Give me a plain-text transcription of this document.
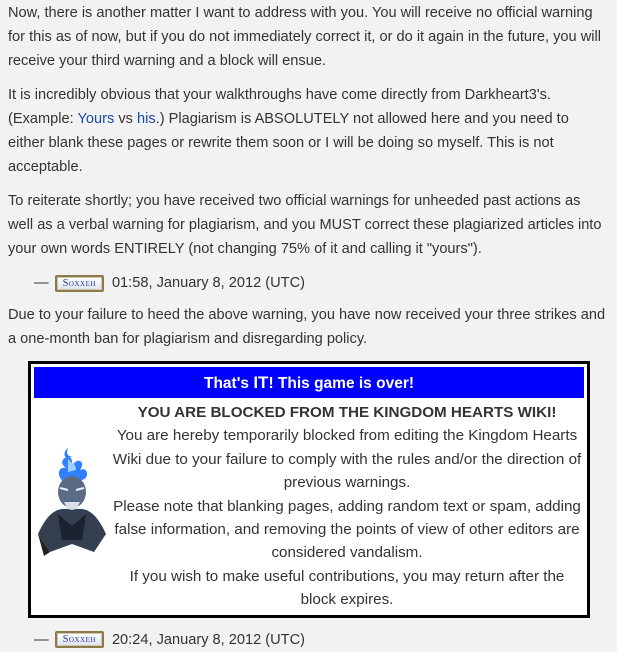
Now, there is another matter I want to address with you. You will receive no official warning for this as of now, but if you do not immediately correct it, or do it again in the future, you will receive your third warning and a block will ensue.

It is incredibly obvious that your walkthroughs have come directly from Darkheart3's. (Example: Yours vs his.) Plagiarism is ABSOLUTELY not allowed here and you need to either blank these pages or rewrite them soon or I will be doing so myself. This is not acceptable.

To reiterate shortly; you have received two official warnings for unheeded past actions as well as a verbal warning for plagiarism, and you MUST correct these plagiarized articles into your own words ENTIRELY (not changing 75% of it and calling it "yours").

—	Soxxeh	01:58, January 8, 2012 (UTC)

Due to your failure to heed the above warning, you have now received your three strikes and a one-month ban for plagiarism and disregarding policy.

That's IT! This game is over!
YOU ARE BLOCKED FROM THE KINGDOM HEARTS WIKI!
You are hereby temporarily blocked from editing the Kingdom Hearts Wiki due to your failure to comply with the rules and/or the direction of previous warnings.
Please note that blanking pages, adding random text or spam, adding false information, and removing the points of view of other editors are considered vandalism.
If you wish to make useful contributions, you may return after the block expires.
—	Soxxeh	20:24, January 8, 2012 (UTC)
